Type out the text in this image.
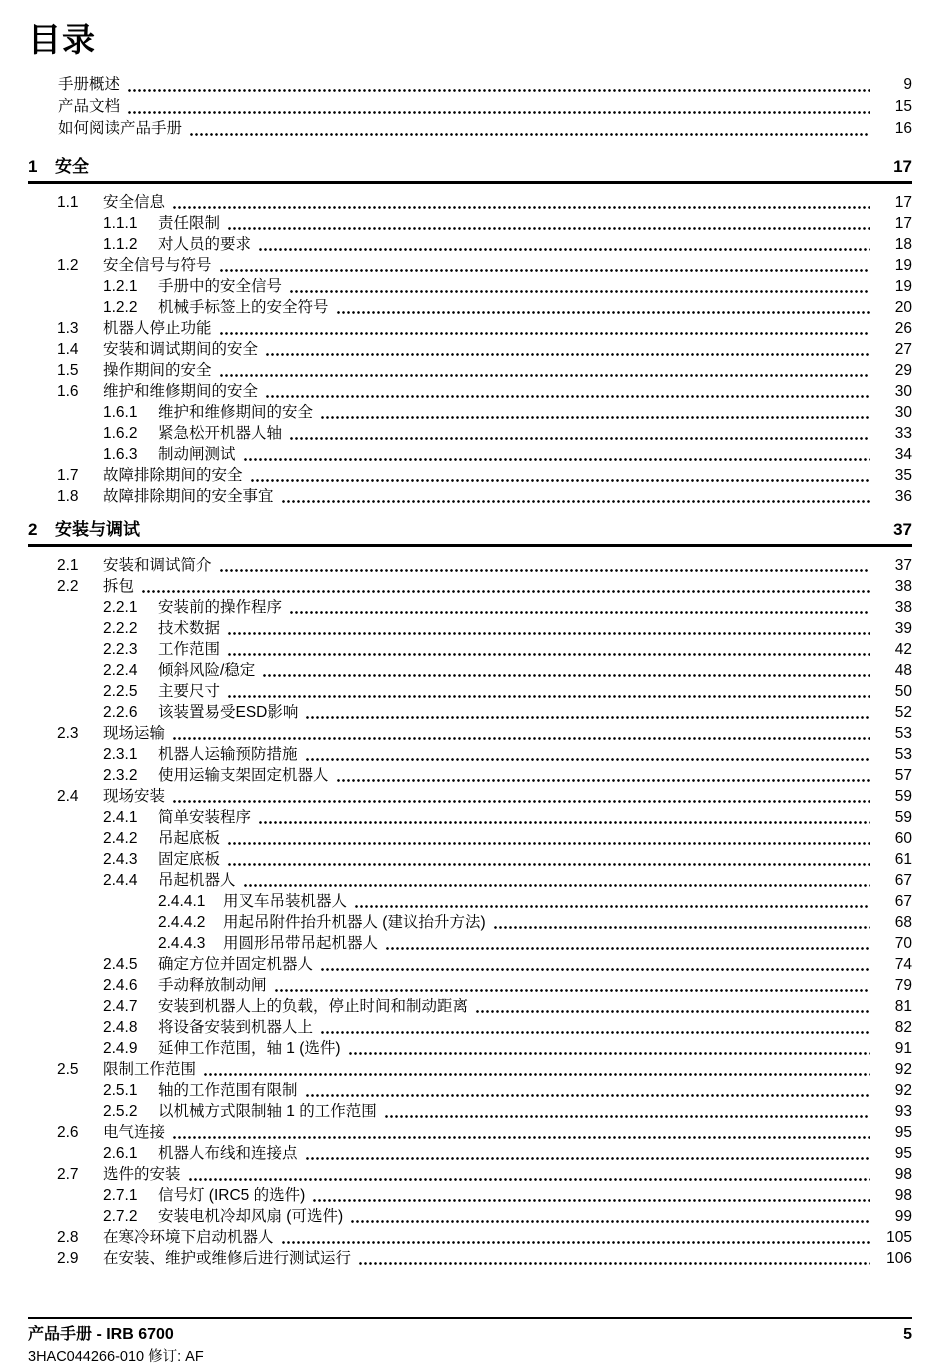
目录
手册概述	9
产品文档	15
如何阅读产品手册	16
1	安全	17
1.1	安全信息	17
1.1.1	责任限制	17
1.1.2	对人员的要求	18
1.2	安全信号与符号	19
1.2.1	手册中的安全信号	19
1.2.2	机械手标签上的安全符号	20
1.3	机器人停止功能	26
1.4	安装和调试期间的安全	27
1.5	操作期间的安全	29
1.6	维护和维修期间的安全	30
1.6.1	维护和维修期间的安全	30
1.6.2	紧急松开机器人轴	33
1.6.3	制动闸测试	34
1.7	故障排除期间的安全	35
1.8	故障排除期间的安全事宜	36
2	安装与调试	37
2.1	安装和调试简介	37
2.2	拆包	38
2.2.1	安装前的操作程序	38
2.2.2	技术数据	39
2.2.3	工作范围	42
2.2.4	倾斜风险/稳定	48
2.2.5	主要尺寸	50
2.2.6	该装置易受ESD影响	52
2.3	现场运输	53
2.3.1	机器人运输预防措施	53
2.3.2	使用运输支架固定机器人	57
2.4	现场安装	59
2.4.1	简单安装程序	59
2.4.2	吊起底板	60
2.4.3	固定底板	61
2.4.4	吊起机器人	67
2.4.4.1	用叉车吊装机器人	67
2.4.4.2	用起吊附件抬升机器人 (建议抬升方法)	68
2.4.4.3	用圆形吊带吊起机器人	70
2.4.5	确定方位并固定机器人	74
2.4.6	手动释放制动闸	79
2.4.7	安装到机器人上的负载，停止时间和制动距离	81
2.4.8	将设备安装到机器人上	82
2.4.9	延伸工作范围，轴 1 (选件)	91
2.5	限制工作范围	92
2.5.1	轴的工作范围有限制	92
2.5.2	以机械方式限制轴 1 的工作范围	93
2.6	电气连接	95
2.6.1	机器人布线和连接点	95
2.7	选件的安装	98
2.7.1	信号灯 (IRC5 的选件)	98
2.7.2	安装电机冷却风扇 (可选件)	99
2.8	在寒冷环境下启动机器人	105
2.9	在安装、维护或维修后进行测试运行	106
产品手册 - IRB 6700	5
3HAC044266-010 修订: AF
